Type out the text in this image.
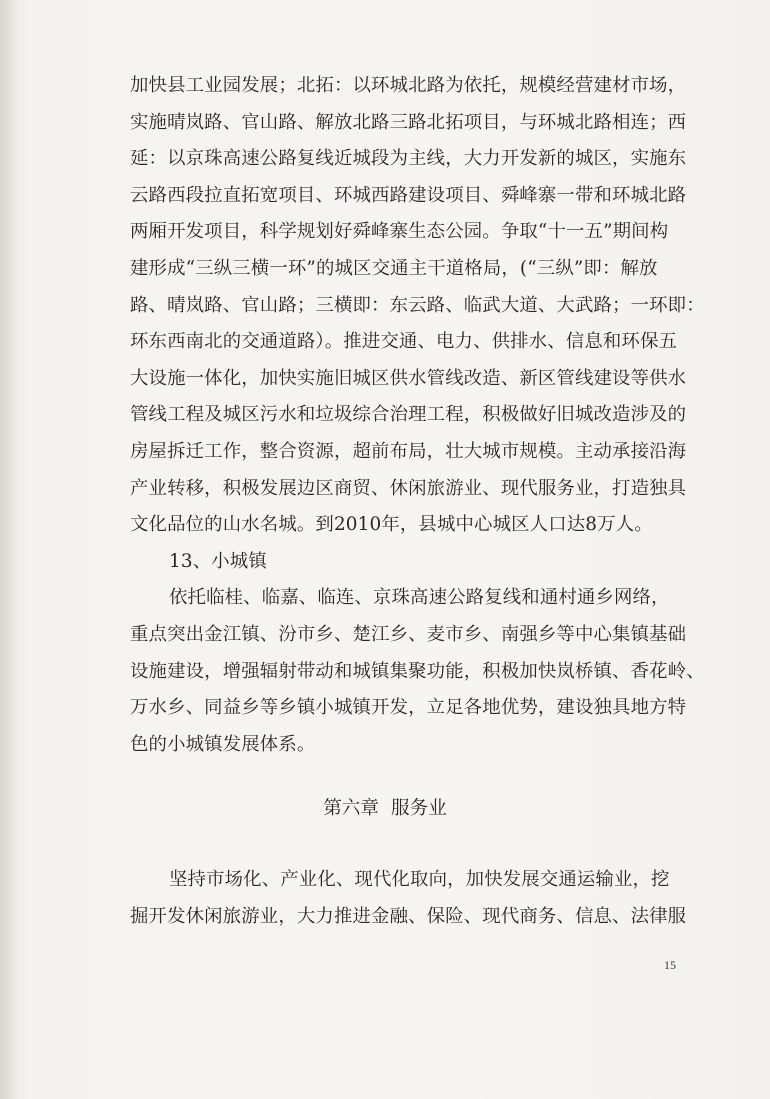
加快县工业园发展；北拓：以环城北路为依托，规模经营建材市场，
实施晴岚路、官山路、解放北路三路北拓项目，与环城北路相连；西
延：以京珠高速公路复线近城段为主线，大力开发新的城区，实施东
云路西段拉直拓宽项目、环城西路建设项目、舜峰寨一带和环城北路
两厢开发项目，科学规划好舜峰寨生态公园。争取“十一五”期间构
建形成“三纵三横一环”的城区交通主干道格局，(“三纵”即：解放
路、晴岚路、官山路；三横即：东云路、临武大道、大武路；一环即：
环东西南北的交通道路）。推进交通、电力、供排水、信息和环保五
大设施一体化，加快实施旧城区供水管线改造、新区管线建设等供水
管线工程及城区污水和垃圾综合治理工程，积极做好旧城改造涉及的
房屋拆迁工作，整合资源，超前布局，壮大城市规模。主动承接沿海
产业转移，积极发展边区商贸、休闲旅游业、现代服务业，打造独具
文化品位的山水名城。到2010年，县城中心城区人口达8万人。
13、小城镇
依托临桂、临嘉、临连、京珠高速公路复线和通村通乡网络，
重点突出金江镇、汾市乡、楚江乡、麦市乡、南强乡等中心集镇基础
设施建设，增强辐射带动和城镇集聚功能，积极加快岚桥镇、香花岭、
万水乡、同益乡等乡镇小城镇开发，立足各地优势，建设独具地方特
色的小城镇发展体系。
第六章 服务业
坚持市场化、产业化、现代化取向，加快发展交通运输业，挖
掘开发休闲旅游业，大力推进金融、保险、现代商务、信息、法律服
15
